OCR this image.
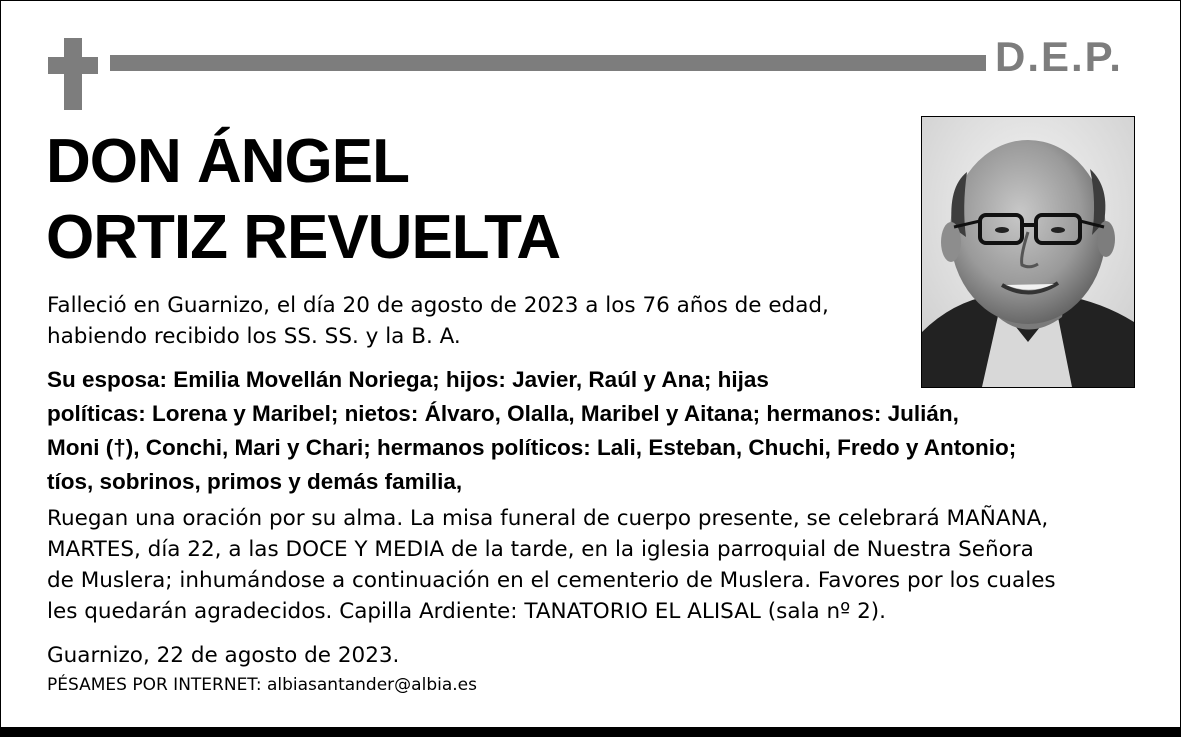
D.E.P.
DON ÁNGEL
ORTIZ REVUELTA
Falleció en Guarnizo, el día 20 de agosto de 2023 a los 76 años de edad,
habiendo recibido los SS. SS. y la B. A.
Su esposa: Emilia Movellán Noriega; hijos: Javier, Raúl y Ana; hijas
políticas: Lorena y Maribel; nietos: Álvaro, Olalla, Maribel y Aitana; hermanos: Julián,
Moni (†), Conchi, Mari y Chari; hermanos políticos: Lali, Esteban, Chuchi, Fredo y Antonio;
tíos, sobrinos, primos y demás familia,
Ruegan una oración por su alma. La misa funeral de cuerpo presente, se celebrará MAÑANA,
MARTES, día 22, a las DOCE Y MEDIA de la tarde, en la iglesia parroquial de Nuestra Señora
de Muslera; inhumándose a continuación en el cementerio de Muslera. Favores por los cuales
les quedarán agradecidos. Capilla Ardiente: TANATORIO EL ALISAL (sala nº 2).
Guarnizo, 22 de agosto de 2023.
PÉSAMES POR INTERNET: albiasantander@albia.es
